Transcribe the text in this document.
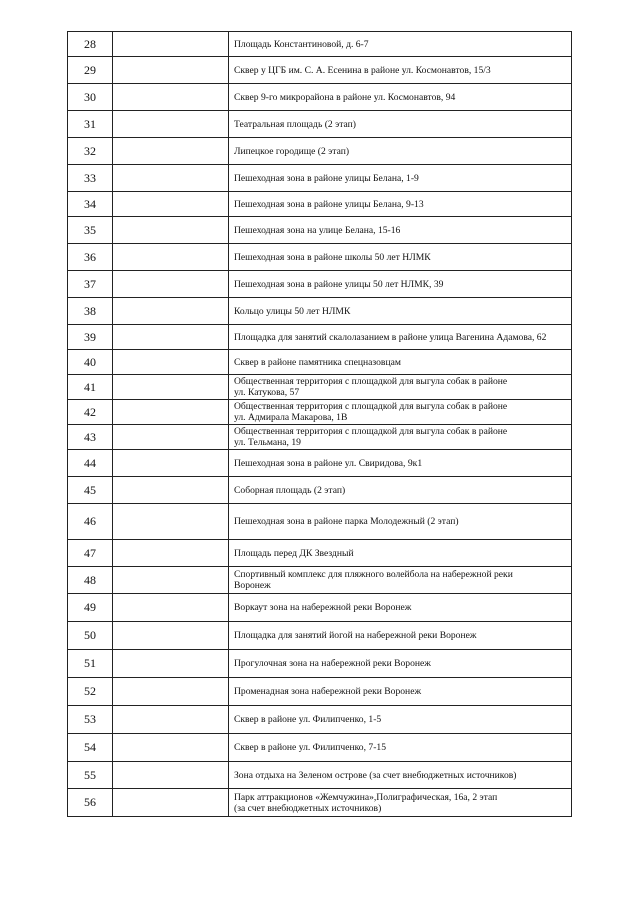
28		Площадь Константиновой, д. 6-7

29		Сквер у ЦГБ им. С. А. Есенина в районе ул. Космонавтов, 15/3

30		Сквер 9-го микрорайона в районе ул. Космонавтов, 94

31		Театральная площадь (2 этап)

32		Липецкое городище (2 этап)

33		Пешеходная зона в районе улицы Белана, 1-9

34		Пешеходная зона в районе улицы Белана, 9-13

35		Пешеходная зона на улице Белана, 15-16

36		Пешеходная зона в районе школы 50 лет НЛМК

37		Пешеходная зона в районе улицы 50 лет НЛМК, 39

38		Кольцо улицы 50 лет НЛМК

39		Площадка для занятий скалолазанием в районе улица Вагенина Адамова, 62

40		Сквер в районе памятника спецназовцам

41		Общественная территория с площадкой для выгула собак в районе
ул. Катукова, 57

42		Общественная территория с площадкой для выгула собак в районе
ул. Адмирала Макарова, 1В

43		Общественная территория с площадкой для выгула собак в районе
ул. Тельмана, 19

44		Пешеходная зона в районе ул. Свиридова, 9к1

45		Соборная площадь (2 этап)

46		Пешеходная зона в районе парка Молодежный (2 этап)

47		Площадь перед ДК Звездный

48		Спортивный комплекс для пляжного волейбола на набережной реки
Воронеж

49		Воркаут зона на набережной реки Воронеж

50		Площадка для занятий йогой на набережной реки Воронеж

51		Прогулочная зона на набережной реки Воронеж

52		Променадная зона набережной реки Воронеж

53		Сквер в районе ул. Филипченко, 1-5

54		Сквер в районе ул. Филипченко, 7-15

55		Зона отдыха на Зеленом острове (за счет внебюджетных источников)

56		Парк аттракционов «Жемчужина»,Полиграфическая, 16а, 2 этап
(за счет внебюджетных источников)
